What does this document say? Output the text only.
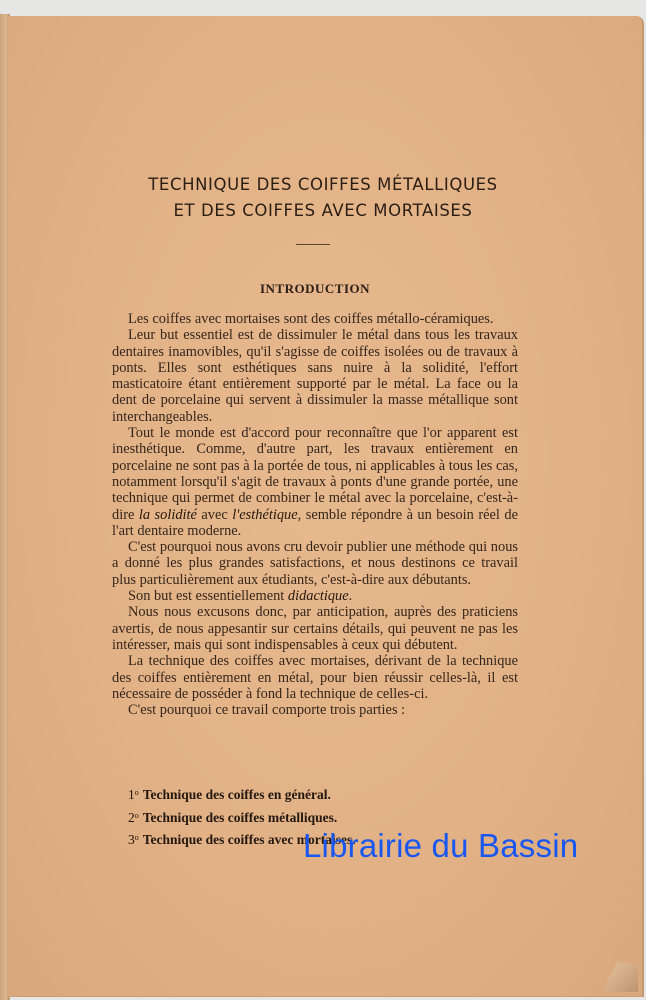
TECHNIQUE DES COIFFES MÉTALLIQUES
ET DES COIFFES AVEC MORTAISES
INTRODUCTION

Les coiffes avec mortaises sont des coiffes métallo-céramiques.

Leur but essentiel est de dissimuler le métal dans tous les travaux dentaires inamovibles, qu'il s'agisse de coiffes isolées ou de travaux à ponts. Elles sont esthétiques sans nuire à la solidité, l'effort masticatoire étant entièrement supporté par le métal. La face ou la dent de porcelaine qui servent à dissimuler la masse métallique sont interchangeables.

Tout le monde est d'accord pour reconnaître que l'or apparent est inesthétique. Comme, d'autre part, les travaux entièrement en porcelaine ne sont pas à la portée de tous, ni applicables à tous les cas, notamment lorsqu'il s'agit de travaux à ponts d'une grande portée, une technique qui permet de combiner le métal avec la porcelaine, c'est-à-dire la solidité avec l'esthétique, semble répondre à un besoin réel de l'art dentaire moderne.

C'est pourquoi nous avons cru devoir publier une méthode qui nous a donné les plus grandes satisfactions, et nous destinons ce travail plus particulièrement aux étudiants, c'est-à-dire aux débutants.

Son but est essentiellement didactique.

Nous nous excusons donc, par anticipation, auprès des praticiens avertis, de nous appesantir sur certains détails, qui peuvent ne pas les intéresser, mais qui sont indispensables à ceux qui débutent.

La technique des coiffes avec mortaises, dérivant de la technique des coiffes entièrement en métal, pour bien réussir celles-là, il est nécessaire de posséder à fond la technique de celles-ci.

C'est pourquoi ce travail comporte trois parties :

1$^o$ Technique des coiffes en général.
2$^o$ Technique des coiffes métalliques.
3$^o$ Technique des coiffes avec mortaises.
Librairie du Bassin
